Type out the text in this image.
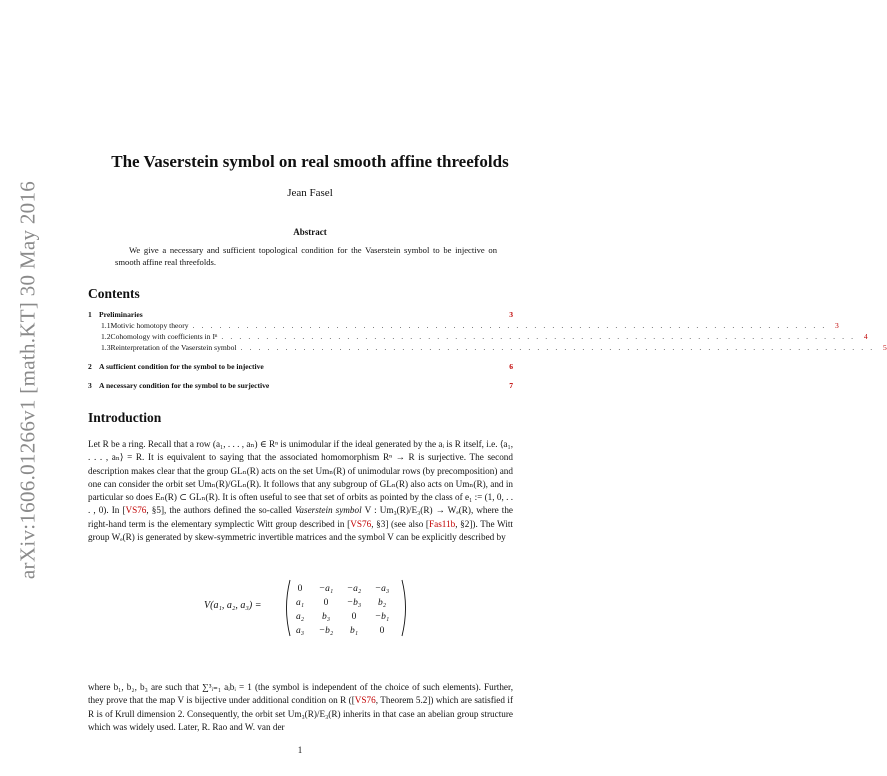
arXiv:1606.01266v1 [math.KT] 30 May 2016
The Vaserstein symbol on real smooth affine threefolds
Jean Fasel
Abstract
We give a necessary and sufficient topological condition for the Vaserstein symbol to be injective on smooth affine real threefolds.
Contents
1 Preliminaries	3
1.1 Motivic homotopy theory . . . . . . . . . . . . . . . . . . . . . . . . . . . . . . . . . . . . . . . . . . . . . . . . . . . . . . . . . . . . . . . . . . . . . . .	3
1.2 Cohomology with coefficients in Iⁿ . . . . . . . . . . . . . . . . . . . . . . . . . . . . . . . . . . . . . . . . . . . . . . . . . . . . . . . . . . . . . . . . . . . . . . .	4
1.3 Reinterpretation of the Vaserstein symbol . . . . . . . . . . . . . . . . . . . . . . . . . . . . . . . . . . . . . . . . . . . . . . . . . . . . . . . . . . . . . . . . . . . . . . .	5
2 A sufficient condition for the symbol to be injective	6
3 A necessary condition for the symbol to be surjective	7
Introduction
Let R be a ring. Recall that a row (a₁, . . . , aₙ) ∈ Rⁿ is unimodular if the ideal generated by the aᵢ is R itself, i.e. ⟨a₁, . . . , aₙ⟩ = R. It is equivalent to saying that the associated homomorphism Rⁿ → R is surjective. The second description makes clear that the group GLₙ(R) acts on the set Umₙ(R) of unimodular rows (by precomposition) and one can consider the orbit set Umₙ(R)/GLₙ(R). It follows that any subgroup of GLₙ(R) also acts on Umₙ(R), and in particular so does Eₙ(R) ⊂ GLₙ(R). It is often useful to see that set of orbits as pointed by the class of e₁ := (1, 0, . . . , 0). In [VS76, §5], the authors defined the so-called Vaserstein symbol V : Um₃(R)/E₃(R) → Wₑ(R), where the right-hand term is the elementary symplectic Witt group described in [VS76, §3] (see also [Fas11b, §2]). The Witt group Wₑ(R) is generated by skew-symmetric invertible matrices and the symbol V can be explicitly described by
V(a₁, a₂, a₃) =
0 −a₁ −a₂ −a₃
a₁ 0 −b₃ b₂
a₂ b₃ 0 −b₁
a₃ −b₂ b₁ 0
where b₁, b₂, b₃ are such that ∑³ᵢ₌₁ aᵢbᵢ = 1 (the symbol is independent of the choice of such elements). Further, they prove that the map V is bijective under additional condition on R ([VS76, Theorem 5.2]) which are satisfied if R is of Krull dimension 2. Consequently, the orbit set Um₃(R)/E₃(R) inherits in that case an abelian group structure which was widely used. Later, R. Rao and W. van der
1
